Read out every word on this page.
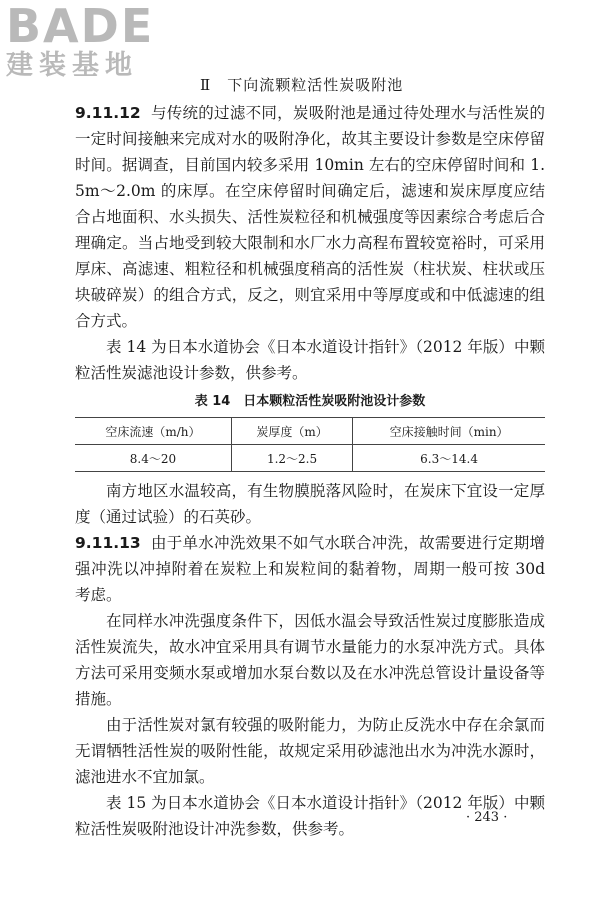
BADE
建装基地
Ⅱ　下向流颗粒活性炭吸附池

9.11.12 与传统的过滤不同，炭吸附池是通过待处理水与活性炭的一定时间接触来完成对水的吸附净化，故其主要设计参数是空床停留时间。据调查，目前国内较多采用 10min 左右的空床停留时间和 1.5m～2.0m 的床厚。在空床停留时间确定后，滤速和炭床厚度应结合占地面积、水头损失、活性炭粒径和机械强度等因素综合考虑后合理确定。当占地受到较大限制和水厂水力高程布置较宽裕时，可采用厚床、高滤速、粗粒径和机械强度稍高的活性炭（柱状炭、柱状或压块破碎炭）的组合方式，反之，则宜采用中等厚度或和中低滤速的组合方式。

表 14 为日本水道协会《日本水道设计指针》（2012 年版）中颗粒活性炭滤池设计参数，供参考。

表 14　日本颗粒活性炭吸附池设计参数
空床流速（m/h）	炭厚度（m）	空床接触时间（min）
8.4～20	1.2～2.5	6.3～14.4

南方地区水温较高，有生物膜脱落风险时，在炭床下宜设一定厚度（通过试验）的石英砂。

9.11.13 由于单水冲洗效果不如气水联合冲洗，故需要进行定期增强冲洗以冲掉附着在炭粒上和炭粒间的黏着物，周期一般可按 30d 考虑。

在同样水冲洗强度条件下，因低水温会导致活性炭过度膨胀造成活性炭流失，故水冲宜采用具有调节水量能力的水泵冲洗方式。具体方法可采用变频水泵或增加水泵台数以及在水冲洗总管设计量设备等措施。

由于活性炭对氯有较强的吸附能力，为防止反洗水中存在余氯而无谓牺牲活性炭的吸附性能，故规定采用砂滤池出水为冲洗水源时，滤池进水不宜加氯。

表 15 为日本水道协会《日本水道设计指针》（2012 年版）中颗粒活性炭吸附池设计冲洗参数，供参考。

· 243 ·
